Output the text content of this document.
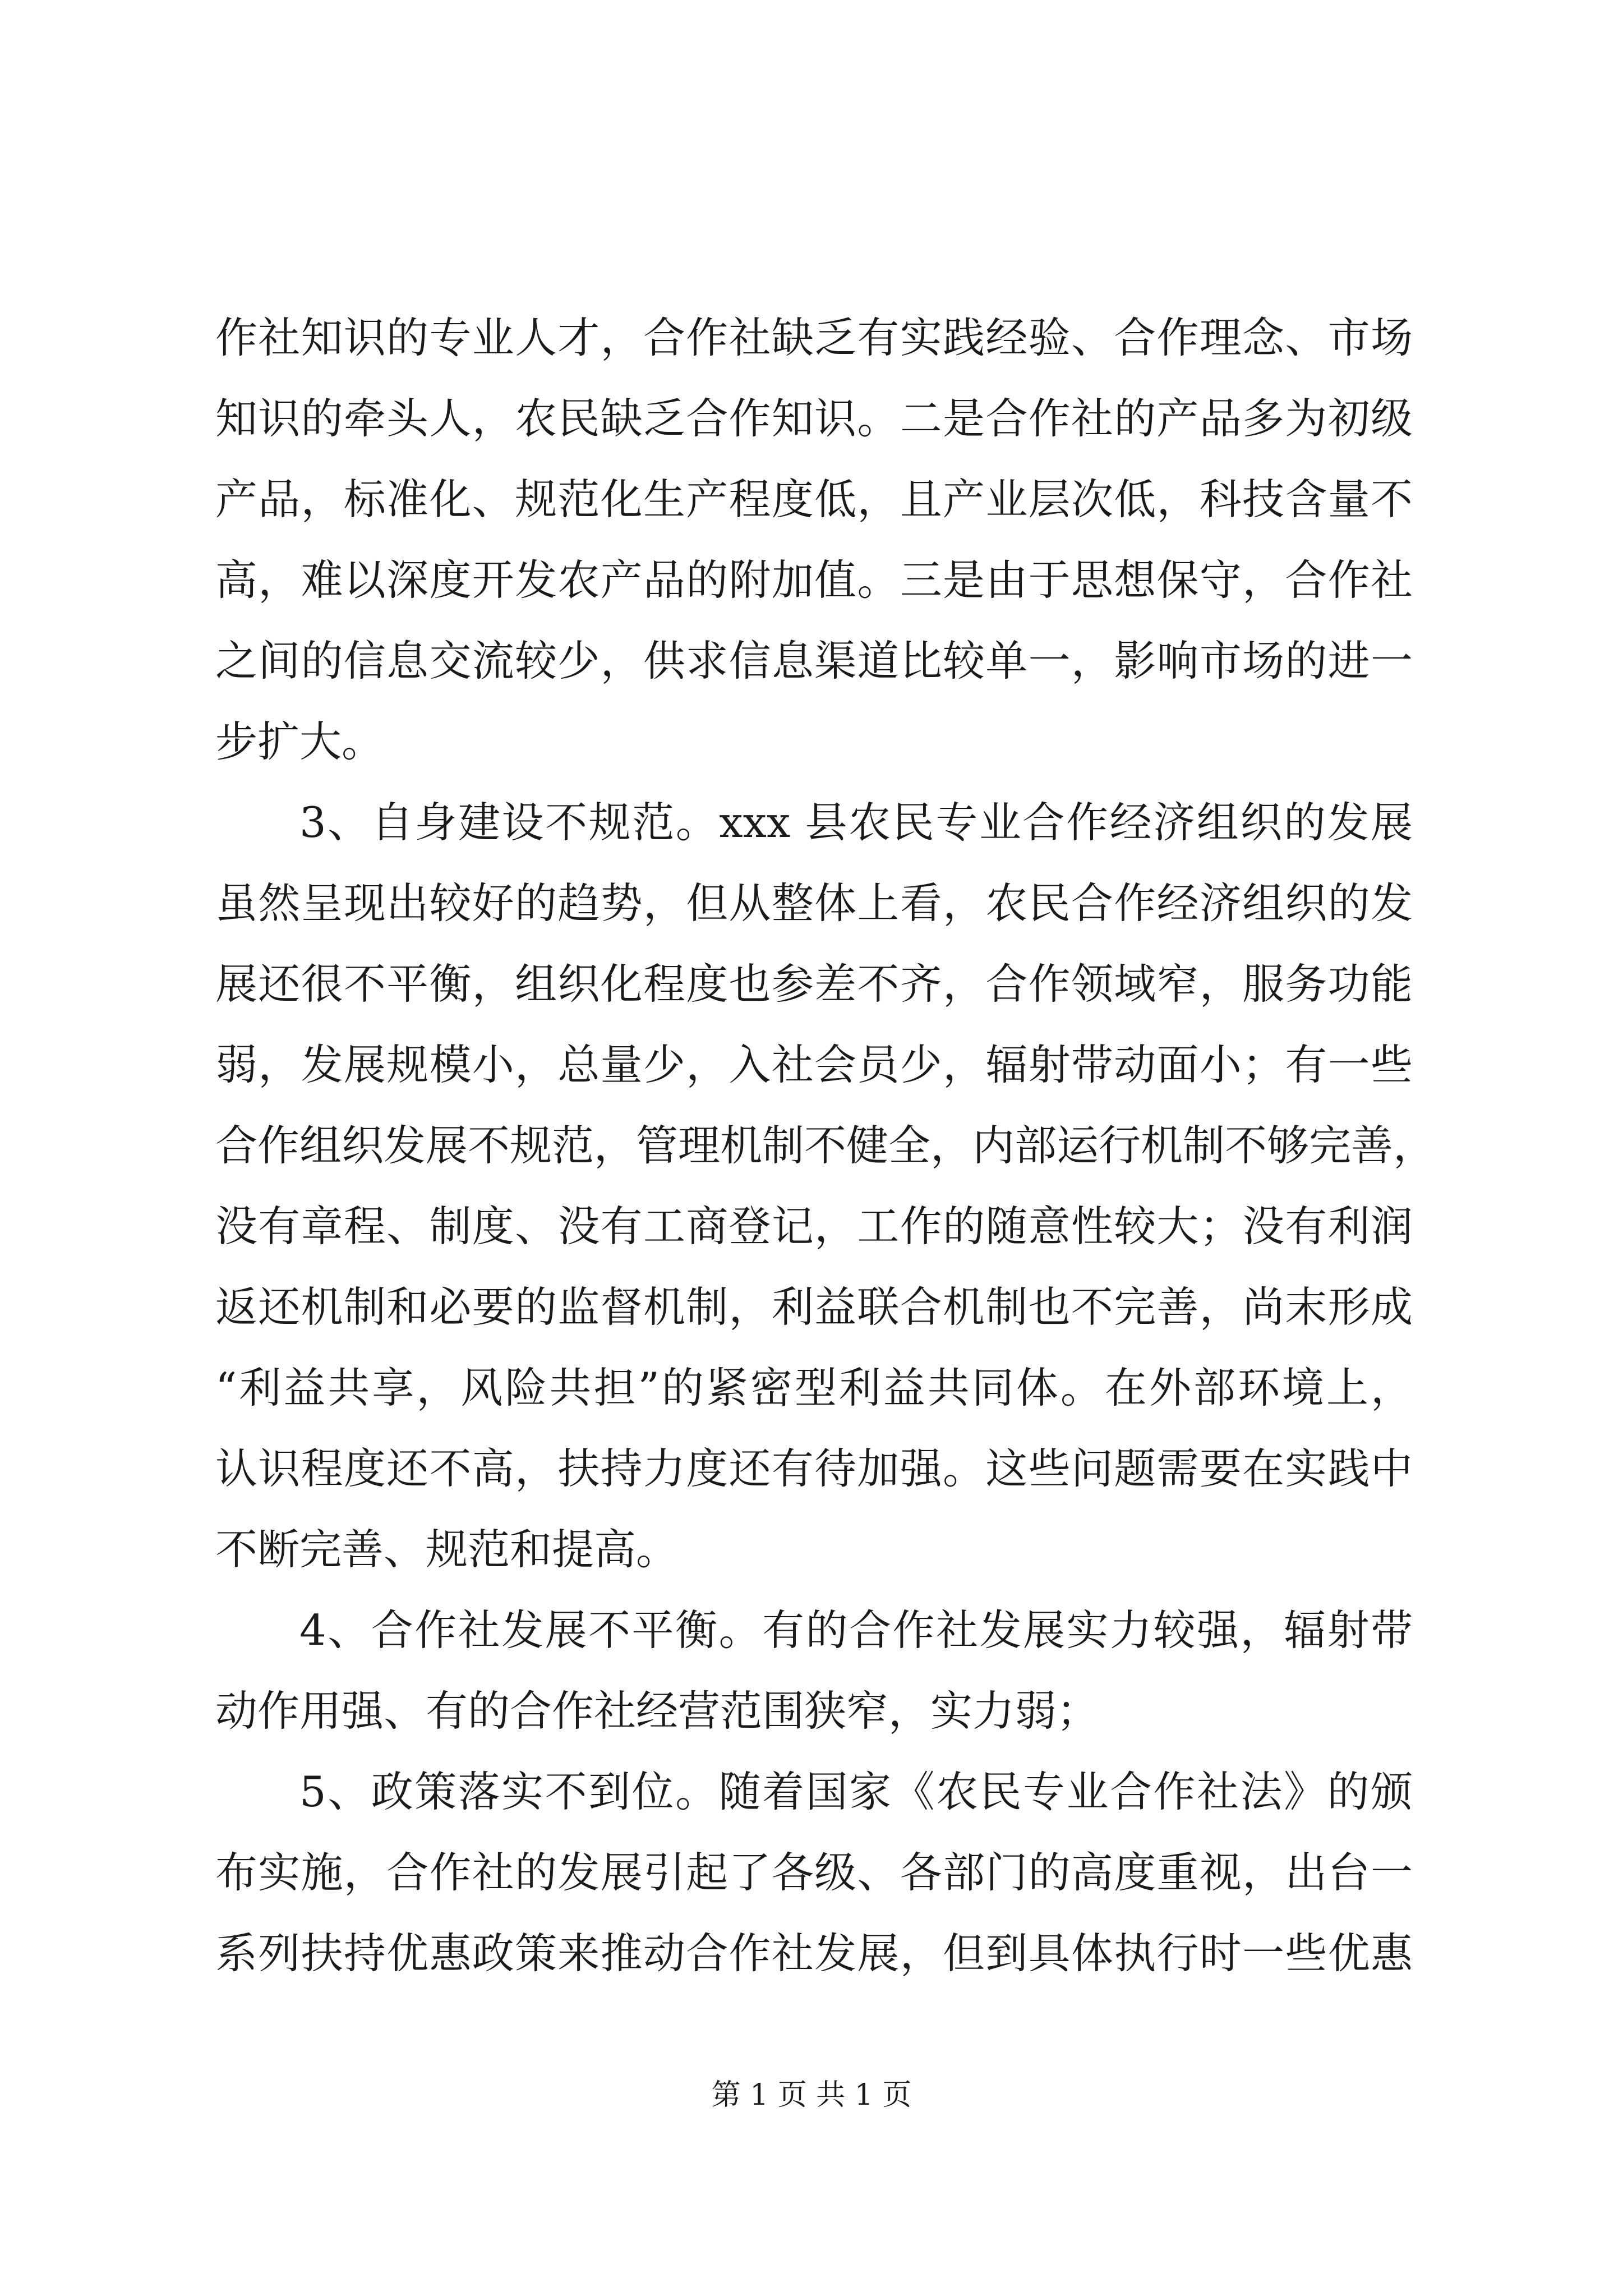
作社知识的专业人才，合作社缺乏有实践经验、合作理念、市场
知识的牵头人，农民缺乏合作知识。二是合作社的产品多为初级
产品，标准化、规范化生产程度低，且产业层次低，科技含量不
高，难以深度开发农产品的附加值。三是由于思想保守，合作社
之间的信息交流较少，供求信息渠道比较单一，影响市场的进一
步扩大。
3、自身建设不规范。xxx 县农民专业合作经济组织的发展
虽然呈现出较好的趋势，但从整体上看，农民合作经济组织的发
展还很不平衡，组织化程度也参差不齐，合作领域窄，服务功能
弱，发展规模小，总量少，入社会员少，辐射带动面小；有一些
合作组织发展不规范，管理机制不健全，内部运行机制不够完善，
没有章程、制度、没有工商登记，工作的随意性较大；没有利润
返还机制和必要的监督机制，利益联合机制也不完善，尚末形成
“利益共享，风险共担”的紧密型利益共同体。在外部环境上，
认识程度还不高，扶持力度还有待加强。这些问题需要在实践中
不断完善、规范和提高。
4、合作社发展不平衡。有的合作社发展实力较强，辐射带
动作用强、有的合作社经营范围狭窄，实力弱；
5、政策落实不到位。随着国家《农民专业合作社法》的颁
布实施，合作社的发展引起了各级、各部门的高度重视，出台一
系列扶持优惠政策来推动合作社发展，但到具体执行时一些优惠
第 1 页 共 1 页
